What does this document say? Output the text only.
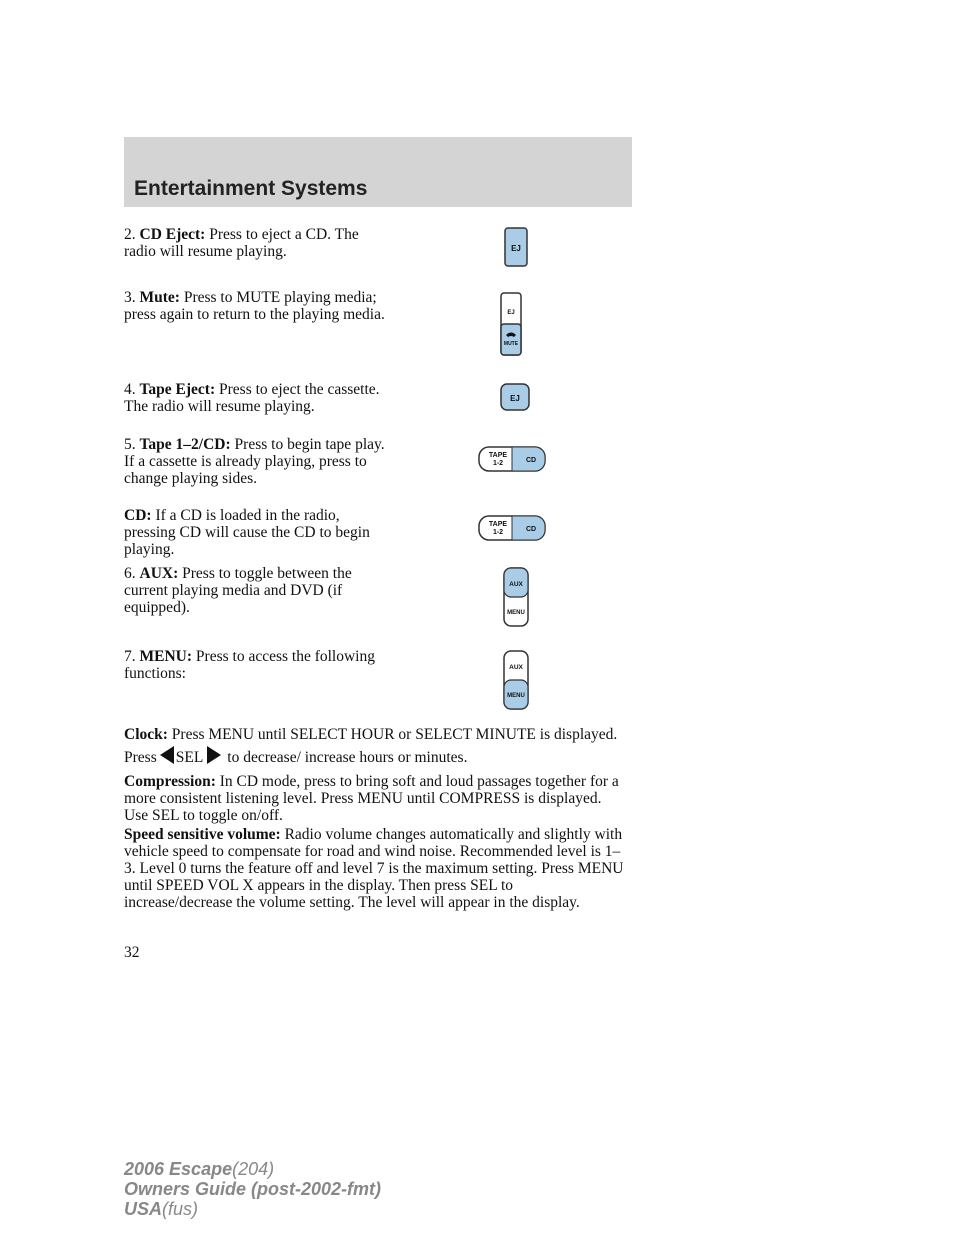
Entertainment Systems
2. CD Eject: Press to eject a CD. The radio will resume playing.	EJ
3. Mute: Press to MUTE playing media; press again to return to the playing media.	EJ
MUTE
4. Tape Eject: Press to eject the cassette. The radio will resume playing.	EJ
5. Tape 1–2/CD: Press to begin tape play. If a cassette is already playing, press to change playing sides.
TAPE
1-2	CD
CD: If a CD is loaded in the radio, pressing CD will cause the CD to begin playing.
TAPE
1-2	CD
6. AUX: Press to toggle between the current playing media and DVD (if equipped).
AUX
MENU
7. MENU: Press to access the following functions:	AUX
MENU
Clock: Press MENU until SELECT HOUR or SELECT MINUTE is displayed. Press SEL to decrease/ increase hours or minutes.
Compression: In CD mode, press to bring soft and loud passages together for a more consistent listening level. Press MENU until COMPRESS is displayed. Use SEL to toggle on/off.
Speed sensitive volume: Radio volume changes automatically and slightly with vehicle speed to compensate for road and wind noise. Recommended level is 1–3. Level 0 turns the feature off and level 7 is the maximum setting. Press MENU until SPEED VOL X appears in the display. Then press SEL to increase/decrease the volume setting. The level will appear in the display.
32
2006 Escape(204)
Owners Guide (post-2002-fmt)
USA(fus)
